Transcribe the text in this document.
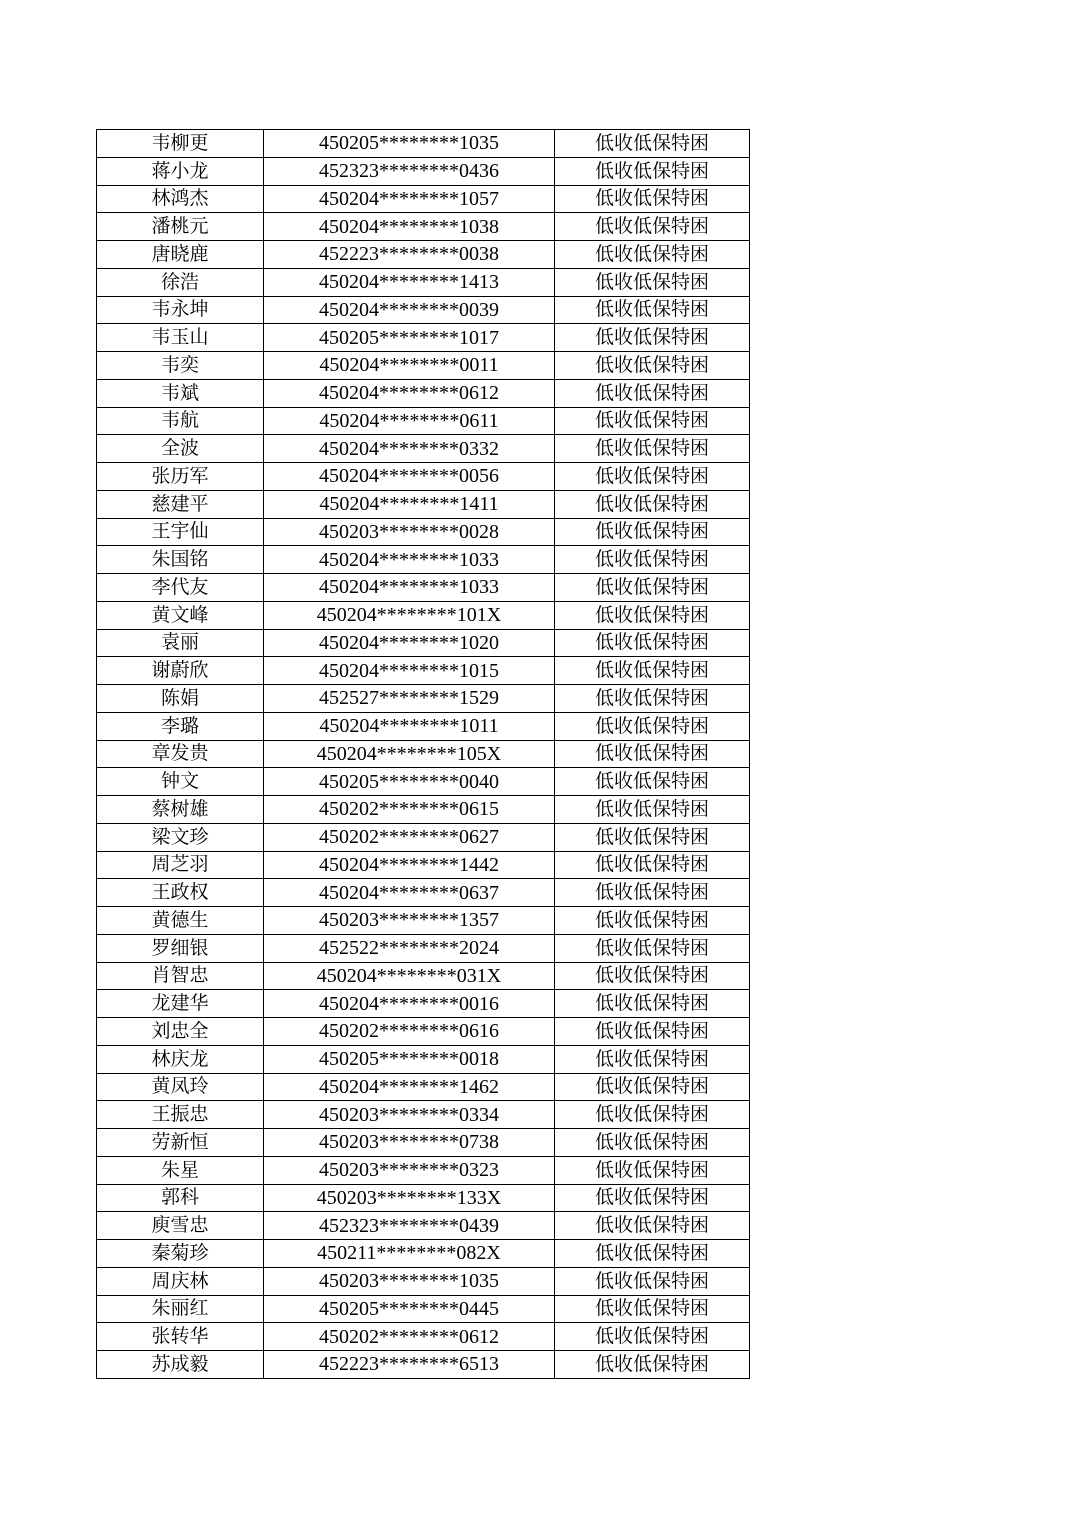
韦柳更	450205********1035	低收低保特困
蒋小龙	452323********0436	低收低保特困
林鸿杰	450204********1057	低收低保特困
潘桃元	450204********1038	低收低保特困
唐晓鹿	452223********0038	低收低保特困
徐浩	450204********1413	低收低保特困
韦永坤	450204********0039	低收低保特困
韦玉山	450205********1017	低收低保特困
韦奕	450204********0011	低收低保特困
韦斌	450204********0612	低收低保特困
韦航	450204********0611	低收低保特困
全波	450204********0332	低收低保特困
张历军	450204********0056	低收低保特困
慈建平	450204********1411	低收低保特困
王宇仙	450203********0028	低收低保特困
朱国铭	450204********1033	低收低保特困
李代友	450204********1033	低收低保特困
黄文峰	450204********101X	低收低保特困
袁丽	450204********1020	低收低保特困
谢蔚欣	450204********1015	低收低保特困
陈娟	452527********1529	低收低保特困
李璐	450204********1011	低收低保特困
章发贵	450204********105X	低收低保特困
钟文	450205********0040	低收低保特困
蔡树雄	450202********0615	低收低保特困
梁文珍	450202********0627	低收低保特困
周芝羽	450204********1442	低收低保特困
王政权	450204********0637	低收低保特困
黄德生	450203********1357	低收低保特困
罗细银	452522********2024	低收低保特困
肖智忠	450204********031X	低收低保特困
龙建华	450204********0016	低收低保特困
刘忠全	450202********0616	低收低保特困
林庆龙	450205********0018	低收低保特困
黄凤玲	450204********1462	低收低保特困
王振忠	450203********0334	低收低保特困
劳新恒	450203********0738	低收低保特困
朱星	450203********0323	低收低保特困
郭科	450203********133X	低收低保特困
庾雪忠	452323********0439	低收低保特困
秦菊珍	450211********082X	低收低保特困
周庆林	450203********1035	低收低保特困
朱丽红	450205********0445	低收低保特困
张转华	450202********0612	低收低保特困
苏成毅	452223********6513	低收低保特困
